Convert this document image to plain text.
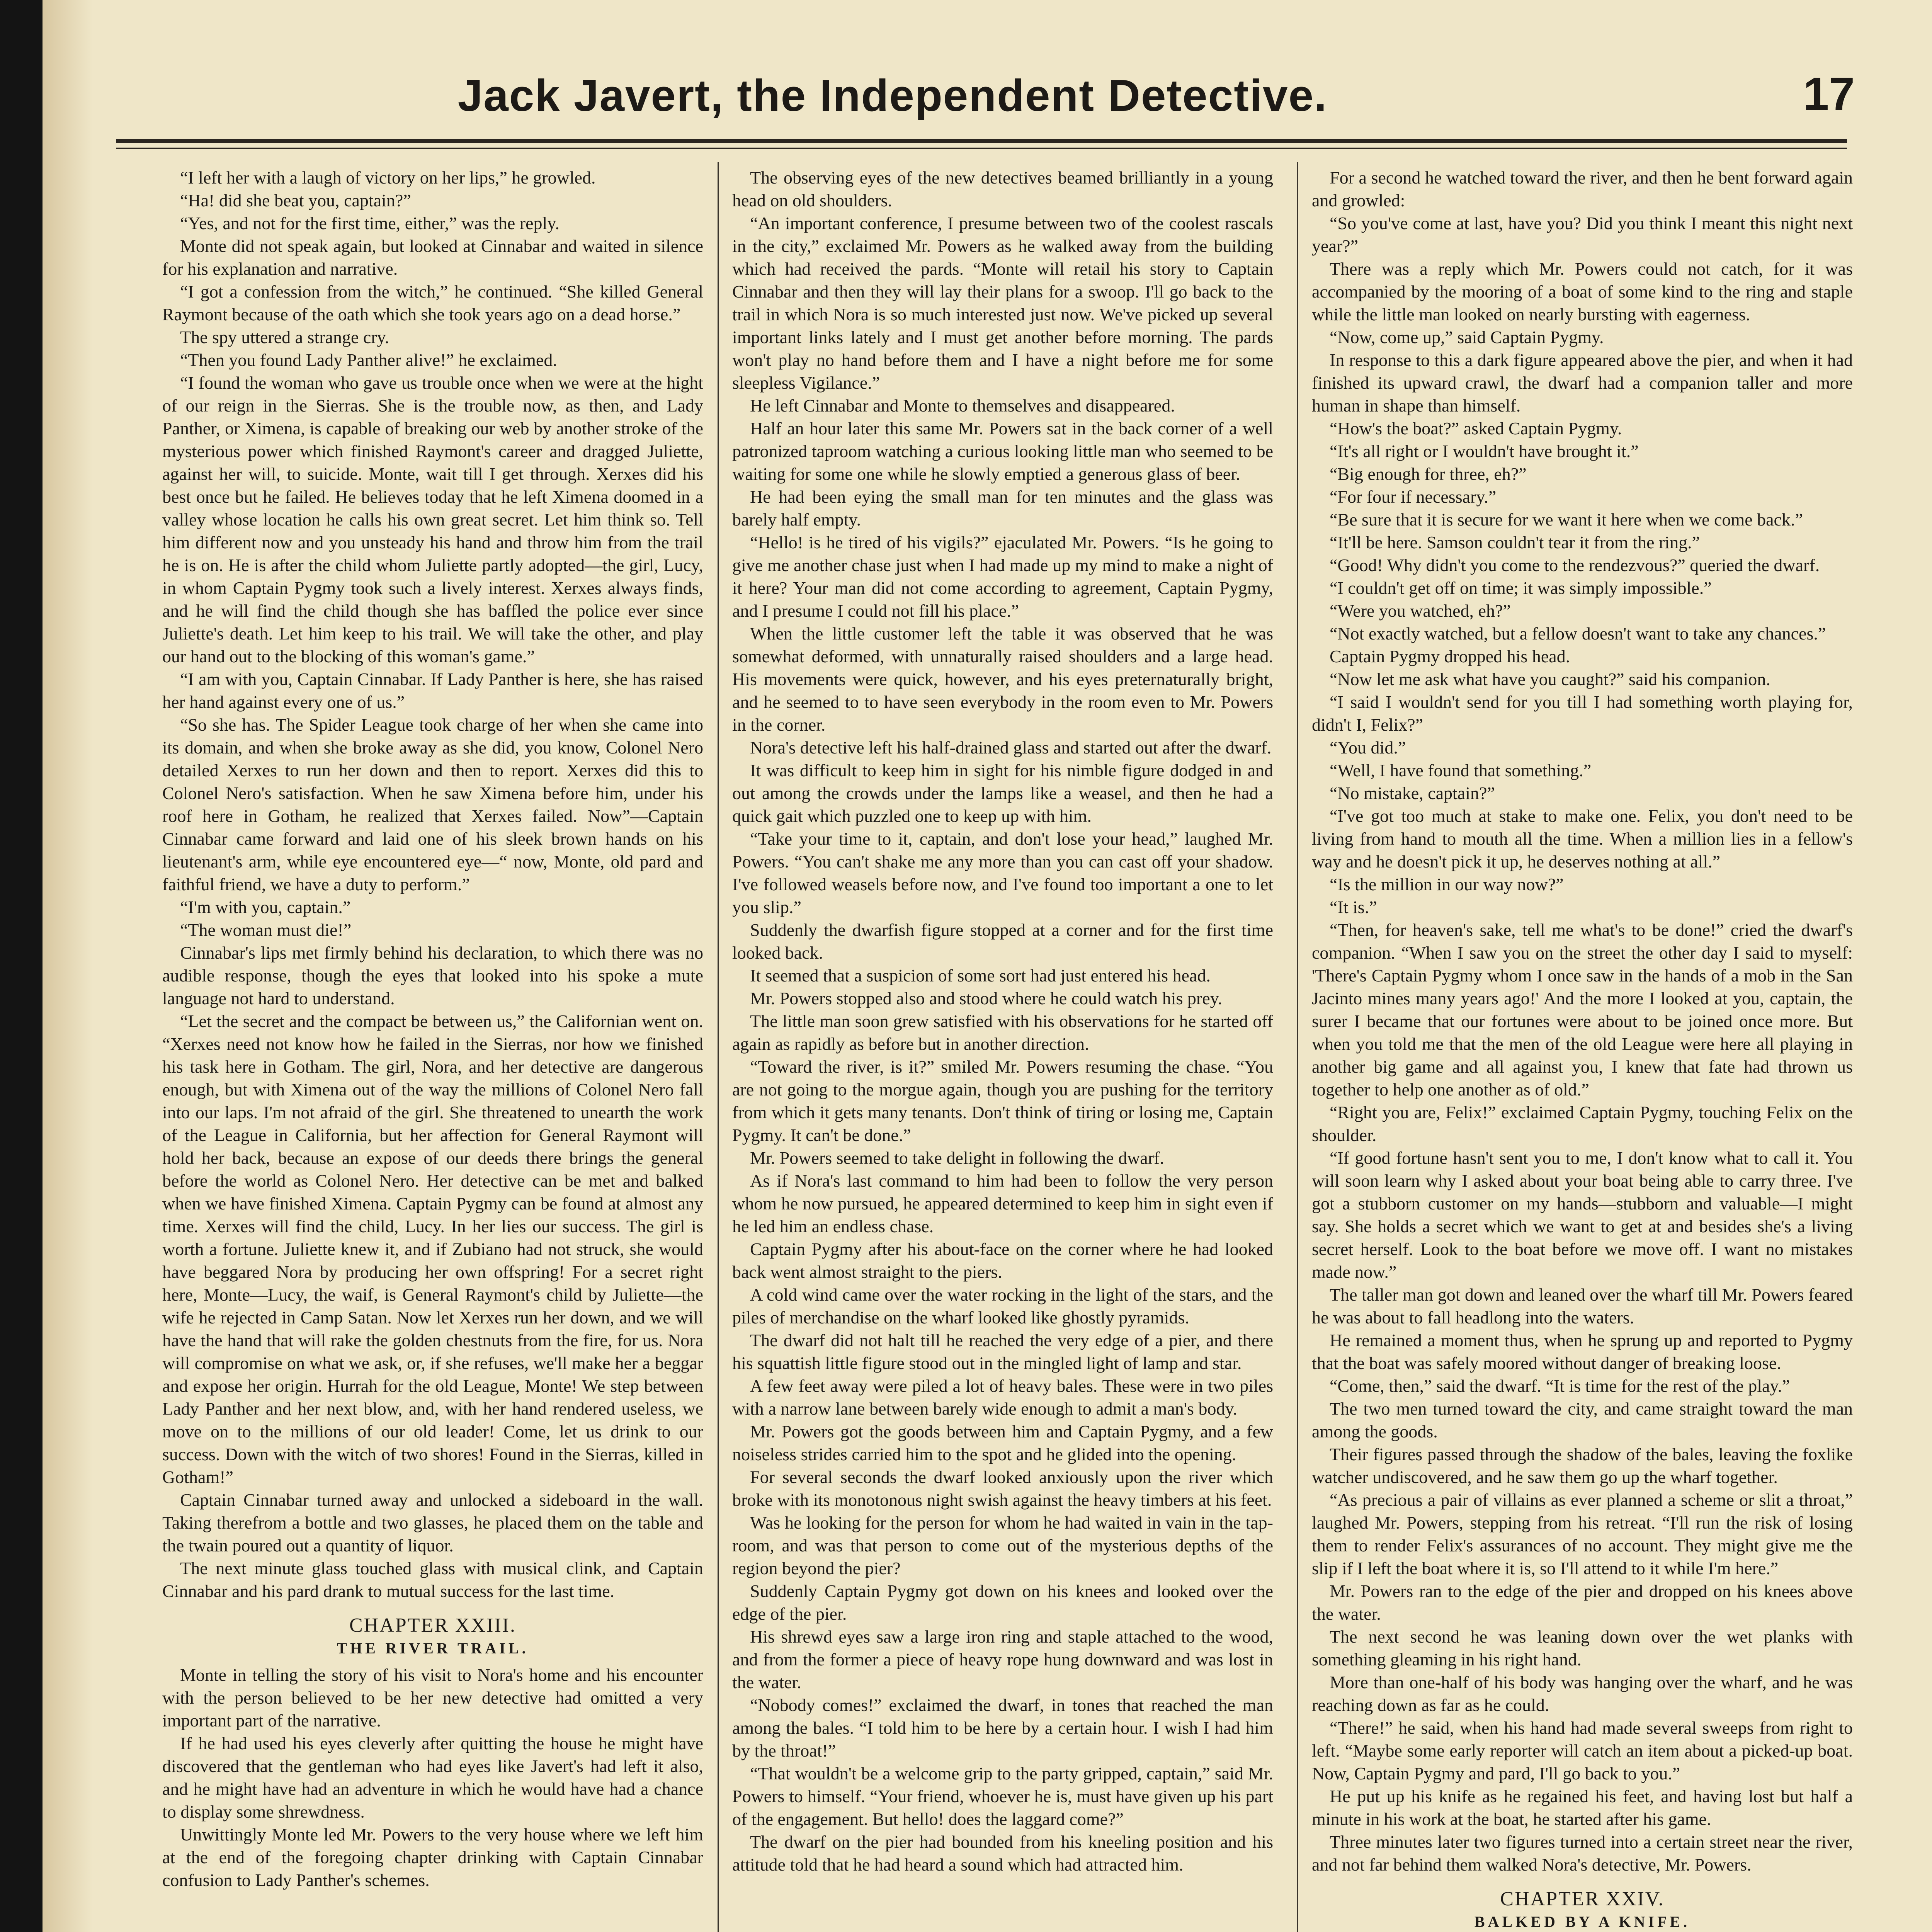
Jack Javert, the Independent Detective.	17

“I left her with a laugh of victory on her lips,” he growled.

“Ha! did she beat you, captain?”

“Yes, and not for the first time, either,” was the reply.

Monte did not speak again, but looked at Cinnabar and waited in silence for his explanation and narrative.

“I got a confession from the witch,” he continued. “She killed General Raymont because of the oath which she took years ago on a dead horse.”

The spy uttered a strange cry.

“Then you found Lady Panther alive!” he exclaimed.

“I found the woman who gave us trouble once when we were at the hight of our reign in the Sierras. She is the trouble now, as then, and Lady Panther, or Ximena, is capable of breaking our web by another stroke of the mysterious power which finished Raymont's career and dragged Juliette, against her will, to suicide. Monte, wait till I get through. Xerxes did his best once but he failed. He believes today that he left Ximena doomed in a valley whose location he calls his own great secret. Let him think so. Tell him different now and you unsteady his hand and throw him from the trail he is on. He is after the child whom Juliette partly adopted—the girl, Lucy, in whom Captain Pygmy took such a lively interest. Xerxes always finds, and he will find the child though she has baffled the police ever since Juliette's death. Let him keep to his trail. We will take the other, and play our hand out to the blocking of this woman's game.”

“I am with you, Captain Cinnabar. If Lady Panther is here, she has raised her hand against every one of us.”

“So she has. The Spider League took charge of her when she came into its domain, and when she broke away as she did, you know, Colonel Nero detailed Xerxes to run her down and then to report. Xerxes did this to Colonel Nero's satisfaction. When he saw Ximena before him, under his roof here in Gotham, he realized that Xerxes failed. Now”—Captain Cinnabar came forward and laid one of his sleek brown hands on his lieutenant's arm, while eye encountered eye—“ now, Monte, old pard and faithful friend, we have a duty to perform.”

“I'm with you, captain.”

“The woman must die!”

Cinnabar's lips met firmly behind his declaration, to which there was no audible response, though the eyes that looked into his spoke a mute language not hard to understand.

“Let the secret and the compact be between us,” the Californian went on. “Xerxes need not know how he failed in the Sierras, nor how we finished his task here in Gotham. The girl, Nora, and her detective are dangerous enough, but with Ximena out of the way the millions of Colonel Nero fall into our laps. I'm not afraid of the girl. She threatened to unearth the work of the League in California, but her affection for General Raymont will hold her back, because an expose of our deeds there brings the general before the world as Colonel Nero. Her detective can be met and balked when we have finished Ximena. Captain Pygmy can be found at almost any time. Xerxes will find the child, Lucy. In her lies our success. The girl is worth a fortune. Juliette knew it, and if Zubiano had not struck, she would have beggared Nora by producing her own offspring! For a secret right here, Monte—Lucy, the waif, is General Raymont's child by Juliette—the wife he rejected in Camp Satan. Now let Xerxes run her down, and we will have the hand that will rake the golden chestnuts from the fire, for us. Nora will compromise on what we ask, or, if she refuses, we'll make her a beggar and expose her origin. Hurrah for the old League, Monte! We step between Lady Panther and her next blow, and, with her hand rendered useless, we move on to the millions of our old leader! Come, let us drink to our success. Down with the witch of two shores! Found in the Sierras, killed in Gotham!”

Captain Cinnabar turned away and unlocked a sideboard in the wall. Taking therefrom a bottle and two glasses, he placed them on the table and the twain poured out a quantity of liquor.

The next minute glass touched glass with musical clink, and Captain Cinnabar and his pard drank to mutual success for the last time.

CHAPTER XXIII.

THE RIVER TRAIL.

Monte in telling the story of his visit to Nora's home and his encounter with the person believed to be her new detective had omitted a very important part of the narrative.

If he had used his eyes cleverly after quitting the house he might have discovered that the gentleman who had eyes like Javert's had left it also, and he might have had an adventure in which he would have had a chance to display some shrewdness.

Unwittingly Monte led Mr. Powers to the very house where we left him at the end of the foregoing chapter drinking with Captain Cinnabar confusion to Lady Panther's schemes.

The observing eyes of the new detectives beamed brilliantly in a young head on old shoulders.

“An important conference, I presume between two of the coolest rascals in the city,” exclaimed Mr. Powers as he walked away from the building which had received the pards. “Monte will retail his story to Captain Cinnabar and then they will lay their plans for a swoop. I'll go back to the trail in which Nora is so much interested just now. We've picked up several important links lately and I must get another before morning. The pards won't play no hand before them and I have a night before me for some sleepless Vigilance.”

He left Cinnabar and Monte to themselves and disappeared.

Half an hour later this same Mr. Powers sat in the back corner of a well patronized taproom watching a curious looking little man who seemed to be waiting for some one while he slowly emptied a generous glass of beer.

He had been eying the small man for ten minutes and the glass was barely half empty.

“Hello! is he tired of his vigils?” ejaculated Mr. Powers. “Is he going to give me another chase just when I had made up my mind to make a night of it here? Your man did not come according to agreement, Captain Pygmy, and I presume I could not fill his place.”

When the little customer left the table it was observed that he was somewhat deformed, with unnaturally raised shoulders and a large head. His movements were quick, however, and his eyes preternaturally bright, and he seemed to to have seen everybody in the room even to Mr. Powers in the corner.

Nora's detective left his half-drained glass and started out after the dwarf.

It was difficult to keep him in sight for his nimble figure dodged in and out among the crowds under the lamps like a weasel, and then he had a quick gait which puzzled one to keep up with him.

“Take your time to it, captain, and don't lose your head,” laughed Mr. Powers. “You can't shake me any more than you can cast off your shadow. I've followed weasels before now, and I've found too important a one to let you slip.”

Suddenly the dwarfish figure stopped at a corner and for the first time looked back.

It seemed that a suspicion of some sort had just entered his head.

Mr. Powers stopped also and stood where he could watch his prey.

The little man soon grew satisfied with his observations for he started off again as rapidly as before but in another direction.

“Toward the river, is it?” smiled Mr. Powers resuming the chase. “You are not going to the morgue again, though you are pushing for the territory from which it gets many tenants. Don't think of tiring or losing me, Captain Pygmy. It can't be done.”

Mr. Powers seemed to take delight in following the dwarf.

As if Nora's last command to him had been to follow the very person whom he now pursued, he appeared determined to keep him in sight even if he led him an endless chase.

Captain Pygmy after his about-face on the corner where he had looked back went almost straight to the piers.

A cold wind came over the water rocking in the light of the stars, and the piles of merchandise on the wharf looked like ghostly pyramids.

The dwarf did not halt till he reached the very edge of a pier, and there his squattish little figure stood out in the mingled light of lamp and star.

A few feet away were piled a lot of heavy bales. These were in two piles with a narrow lane between barely wide enough to admit a man's body.

Mr. Powers got the goods between him and Captain Pygmy, and a few noiseless strides carried him to the spot and he glided into the opening.

For several seconds the dwarf looked anxiously upon the river which broke with its monotonous night swish against the heavy timbers at his feet.

Was he looking for the person for whom he had waited in vain in the tap-room, and was that person to come out of the mysterious depths of the region beyond the pier?

Suddenly Captain Pygmy got down on his knees and looked over the edge of the pier.

His shrewd eyes saw a large iron ring and staple attached to the wood, and from the former a piece of heavy rope hung downward and was lost in the water.

“Nobody comes!” exclaimed the dwarf, in tones that reached the man among the bales. “I told him to be here by a certain hour. I wish I had him by the throat!”

“That wouldn't be a welcome grip to the party gripped, captain,” said Mr. Powers to himself. “Your friend, whoever he is, must have given up his part of the engagement. But hello! does the laggard come?”

The dwarf on the pier had bounded from his kneeling position and his attitude told that he had heard a sound which had attracted him.

For a second he watched toward the river, and then he bent forward again and growled:

“So you've come at last, have you? Did you think I meant this night next year?”

There was a reply which Mr. Powers could not catch, for it was accompanied by the mooring of a boat of some kind to the ring and staple while the little man looked on nearly bursting with eagerness.

“Now, come up,” said Captain Pygmy.

In response to this a dark figure appeared above the pier, and when it had finished its upward crawl, the dwarf had a companion taller and more human in shape than himself.

“How's the boat?” asked Captain Pygmy.

“It's all right or I wouldn't have brought it.”

“Big enough for three, eh?”

“For four if necessary.”

“Be sure that it is secure for we want it here when we come back.”

“It'll be here. Samson couldn't tear it from the ring.”

“Good! Why didn't you come to the rendezvous?” queried the dwarf.

“I couldn't get off on time; it was simply impossible.”

“Were you watched, eh?”

“Not exactly watched, but a fellow doesn't want to take any chances.”

Captain Pygmy dropped his head.

“Now let me ask what have you caught?” said his companion.

“I said I wouldn't send for you till I had something worth playing for, didn't I, Felix?”

“You did.”

“Well, I have found that something.”

“No mistake, captain?”

“I've got too much at stake to make one. Felix, you don't need to be living from hand to mouth all the time. When a million lies in a fellow's way and he doesn't pick it up, he deserves nothing at all.”

“Is the million in our way now?”

“It is.”

“Then, for heaven's sake, tell me what's to be done!” cried the dwarf's companion. “When I saw you on the street the other day I said to myself: 'There's Captain Pygmy whom I once saw in the hands of a mob in the San Jacinto mines many years ago!' And the more I looked at you, captain, the surer I became that our fortunes were about to be joined once more. But when you told me that the men of the old League were here all playing in another big game and all against you, I knew that fate had thrown us together to help one another as of old.”

“Right you are, Felix!” exclaimed Captain Pygmy, touching Felix on the shoulder.

“If good fortune hasn't sent you to me, I don't know what to call it. You will soon learn why I asked about your boat being able to carry three. I've got a stubborn customer on my hands—stubborn and valuable—I might say. She holds a secret which we want to get at and besides she's a living secret herself. Look to the boat before we move off. I want no mistakes made now.”

The taller man got down and leaned over the wharf till Mr. Powers feared he was about to fall headlong into the waters.

He remained a moment thus, when he sprung up and reported to Pygmy that the boat was safely moored without danger of breaking loose.

“Come, then,” said the dwarf. “It is time for the rest of the play.”

The two men turned toward the city, and came straight toward the man among the goods.

Their figures passed through the shadow of the bales, leaving the foxlike watcher undiscovered, and he saw them go up the wharf together.

“As precious a pair of villains as ever planned a scheme or slit a throat,” laughed Mr. Powers, stepping from his retreat. “I'll run the risk of losing them to render Felix's assurances of no account. They might give me the slip if I left the boat where it is, so I'll attend to it while I'm here.”

Mr. Powers ran to the edge of the pier and dropped on his knees above the water.

The next second he was leaning down over the wet planks with something gleaming in his right hand.

More than one-half of his body was hanging over the wharf, and he was reaching down as far as he could.

“There!” he said, when his hand had made several sweeps from right to left. “Maybe some early reporter will catch an item about a picked-up boat. Now, Captain Pygmy and pard, I'll go back to you.”

He put up his knife as he regained his feet, and having lost but half a minute in his work at the boat, he started after his game.

Three minutes later two figures turned into a certain street near the river, and not far behind them walked Nora's detective, Mr. Powers.

CHAPTER XXIV.

BALKED BY A KNIFE.
